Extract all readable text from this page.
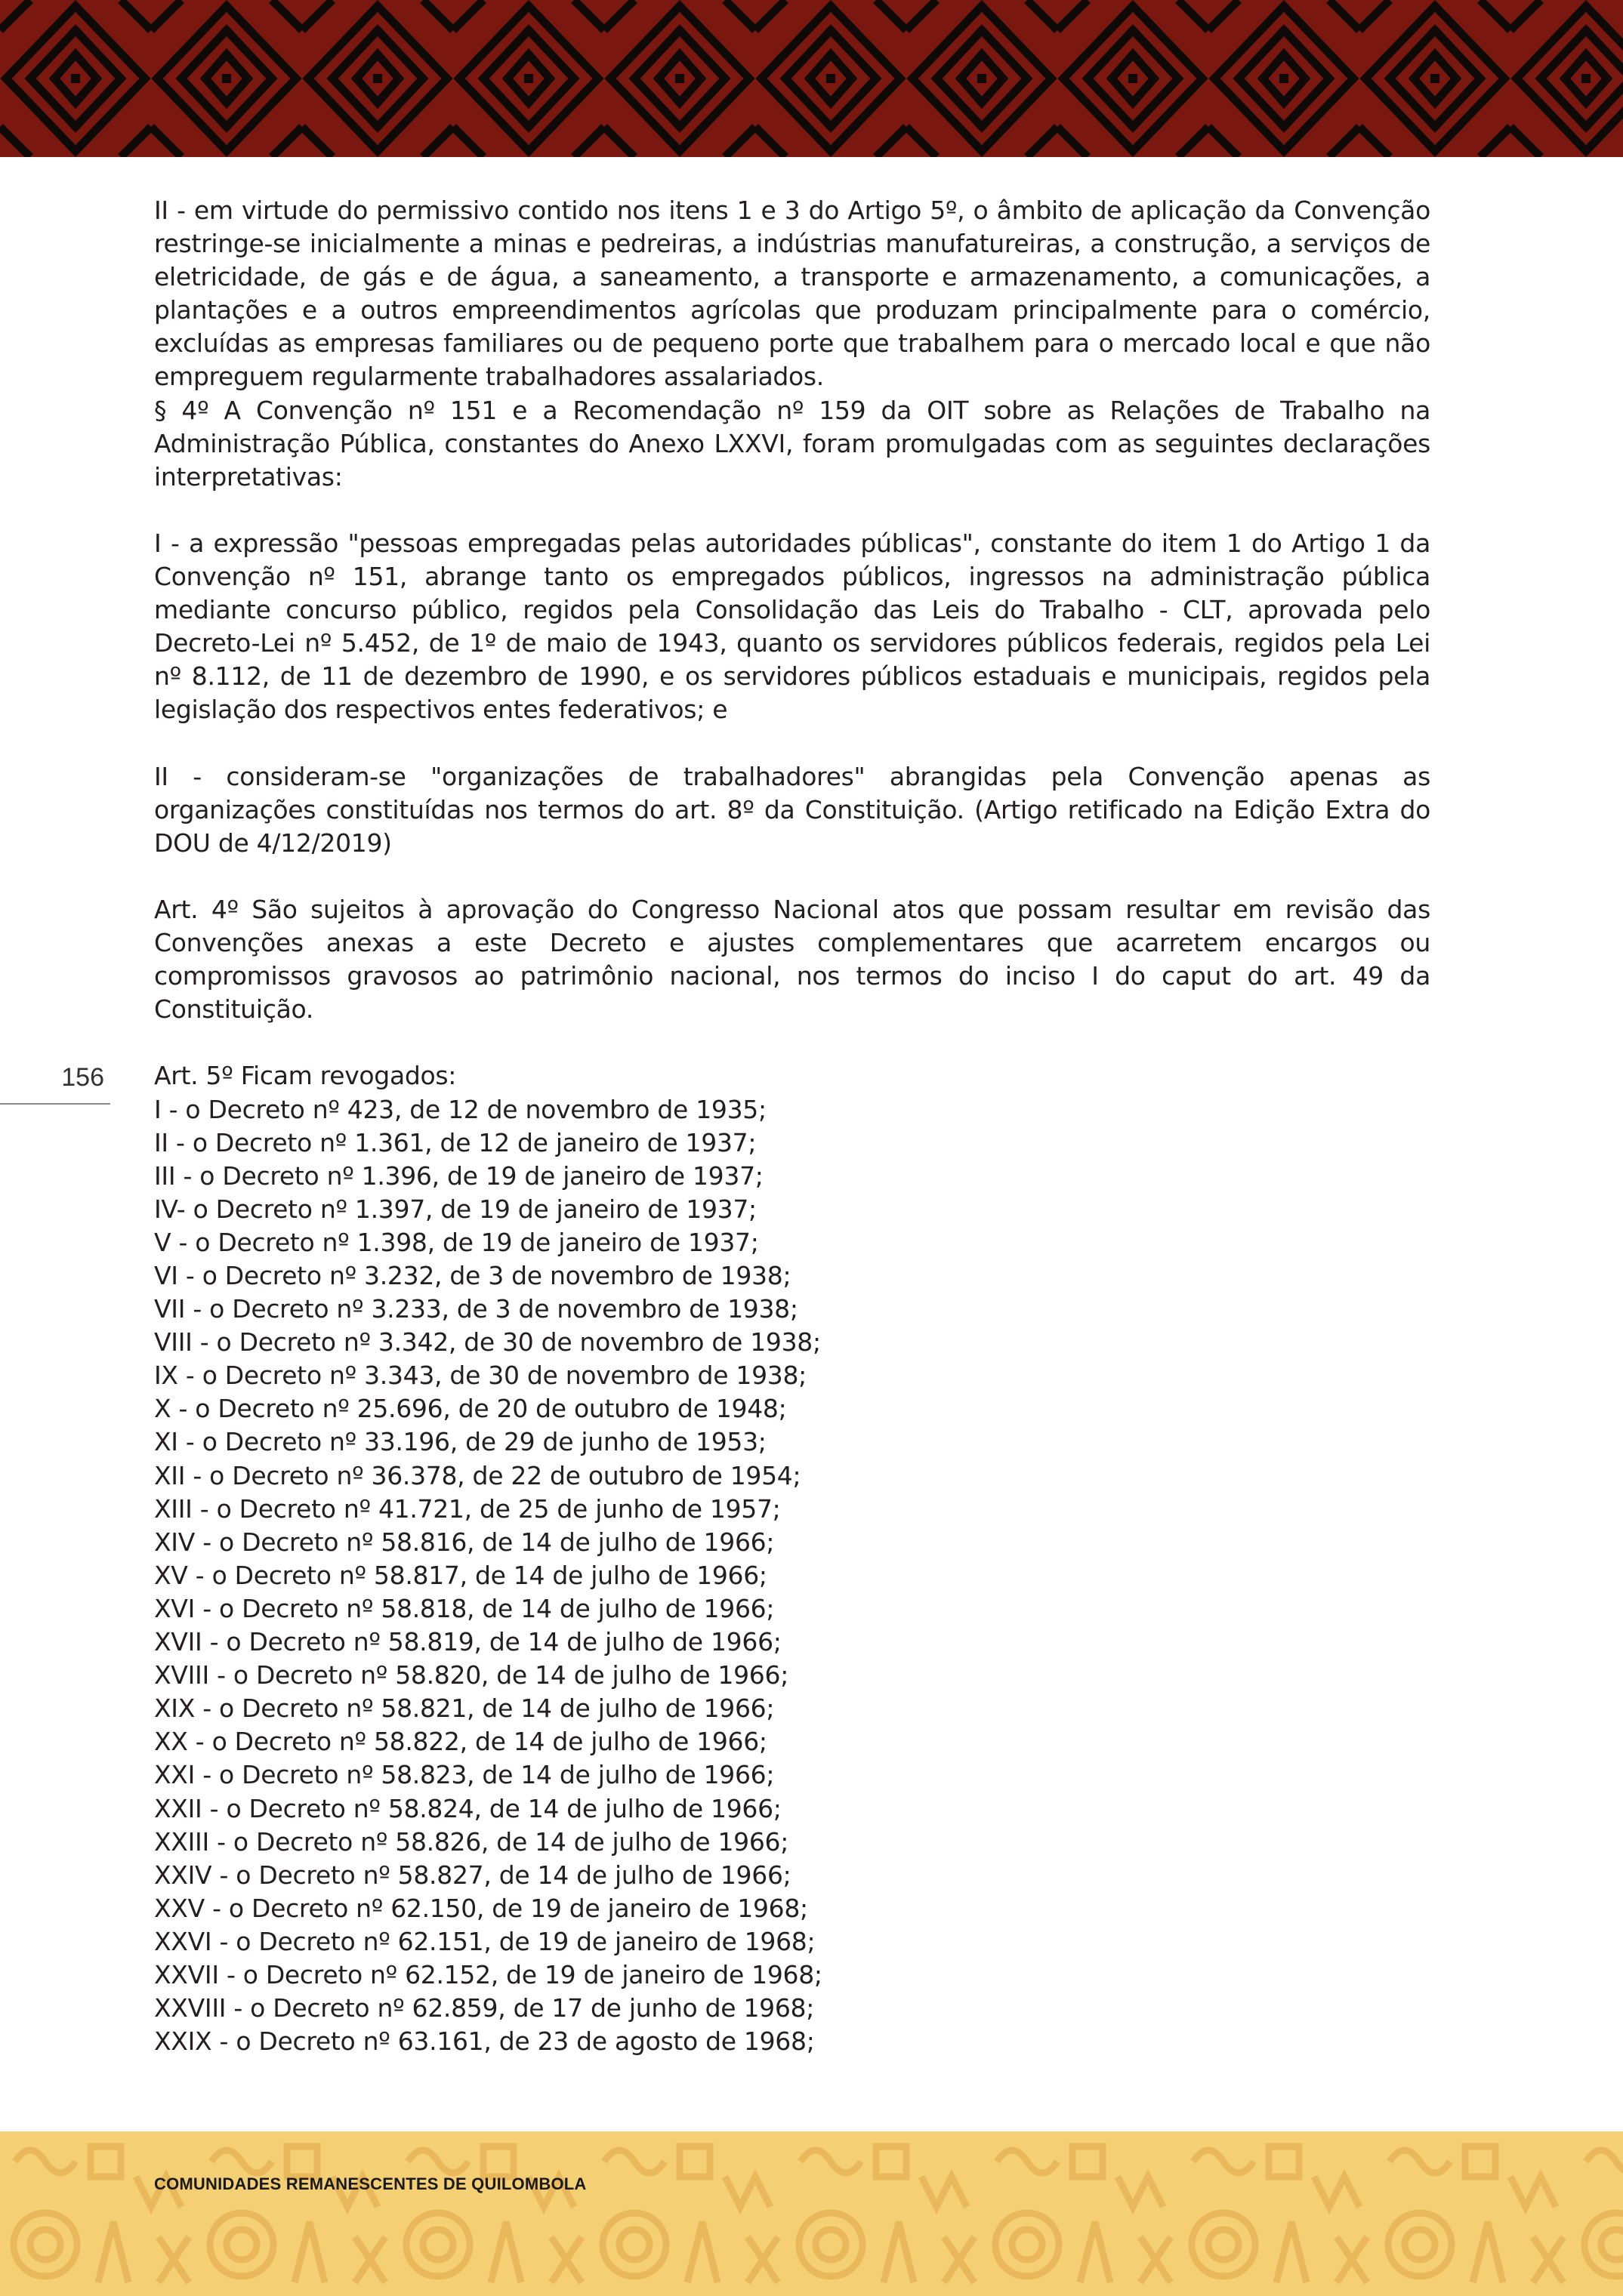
II - em virtude do permissivo contido nos itens 1 e 3 do Artigo 5º, o âmbito de aplicação da Convenção restringe-se inicialmente a minas e pedreiras, a indústrias manufatureiras, a construção, a serviços de eletricidade, de gás e de água, a saneamento, a transporte e armazenamento, a comunicações, a plantações e a outros empreendimentos agrícolas que produzam principalmente para o comércio, excluídas as empresas familiares ou de pequeno porte que trabalhem para o mercado local e que não empreguem regularmente trabalhadores assalariados.

§ 4º A Convenção nº 151 e a Recomendação nº 159 da OIT sobre as Relações de Trabalho na Administração Pública, constantes do Anexo LXXVI, foram promulgadas com as seguintes declarações interpretativas:

I - a expressão "pessoas empregadas pelas autoridades públicas", constante do item 1 do Artigo 1 da Convenção nº 151, abrange tanto os empregados públicos, ingressos na administração pública mediante concurso público, regidos pela Consolidação das Leis do Trabalho - CLT, aprovada pelo Decreto-Lei nº 5.452, de 1º de maio de 1943, quanto os servidores públicos federais, regidos pela Lei nº 8.112, de 11 de dezembro de 1990, e os servidores públicos estaduais e municipais, regidos pela legislação dos respectivos entes federativos; e

II - consideram-se "organizações de trabalhadores" abrangidas pela Convenção apenas as organizações constituídas nos termos do art. 8º da Constituição. (Artigo retificado na Edição Extra do DOU de 4/12/2019)

Art. 4º São sujeitos à aprovação do Congresso Nacional atos que possam resultar em revisão das Convenções anexas a este Decreto e ajustes complementares que acarretem encargos ou compromissos gravosos ao patrimônio nacional, nos termos do inciso I do caput do art. 49 da Constituição.

Art. 5º Ficam revogados:

I - o Decreto nº 423, de 12 de novembro de 1935;
II - o Decreto nº 1.361, de 12 de janeiro de 1937;
III - o Decreto nº 1.396, de 19 de janeiro de 1937;
IV- o Decreto nº 1.397, de 19 de janeiro de 1937;
V - o Decreto nº 1.398, de 19 de janeiro de 1937;
VI - o Decreto nº 3.232, de 3 de novembro de 1938;
VII - o Decreto nº 3.233, de 3 de novembro de 1938;
VIII - o Decreto nº 3.342, de 30 de novembro de 1938;
IX - o Decreto nº 3.343, de 30 de novembro de 1938;
X - o Decreto nº 25.696, de 20 de outubro de 1948;
XI - o Decreto nº 33.196, de 29 de junho de 1953;
XII - o Decreto nº 36.378, de 22 de outubro de 1954;
XIII - o Decreto nº 41.721, de 25 de junho de 1957;
XIV - o Decreto nº 58.816, de 14 de julho de 1966;
XV - o Decreto nº 58.817, de 14 de julho de 1966;
XVI - o Decreto nº 58.818, de 14 de julho de 1966;
XVII - o Decreto nº 58.819, de 14 de julho de 1966;
XVIII - o Decreto nº 58.820, de 14 de julho de 1966;
XIX - o Decreto nº 58.821, de 14 de julho de 1966;
XX - o Decreto nº 58.822, de 14 de julho de 1966;
XXI - o Decreto nº 58.823, de 14 de julho de 1966;
XXII - o Decreto nº 58.824, de 14 de julho de 1966;
XXIII - o Decreto nº 58.826, de 14 de julho de 1966;
XXIV - o Decreto nº 58.827, de 14 de julho de 1966;
XXV - o Decreto nº 62.150, de 19 de janeiro de 1968;
XXVI - o Decreto nº 62.151, de 19 de janeiro de 1968;
XXVII - o Decreto nº 62.152, de 19 de janeiro de 1968;
XXVIII - o Decreto nº 62.859, de 17 de junho de 1968;
XXIX - o Decreto nº 63.161, de 23 de agosto de 1968;
156
COMUNIDADES REMANESCENTES DE QUILOMBOLA
